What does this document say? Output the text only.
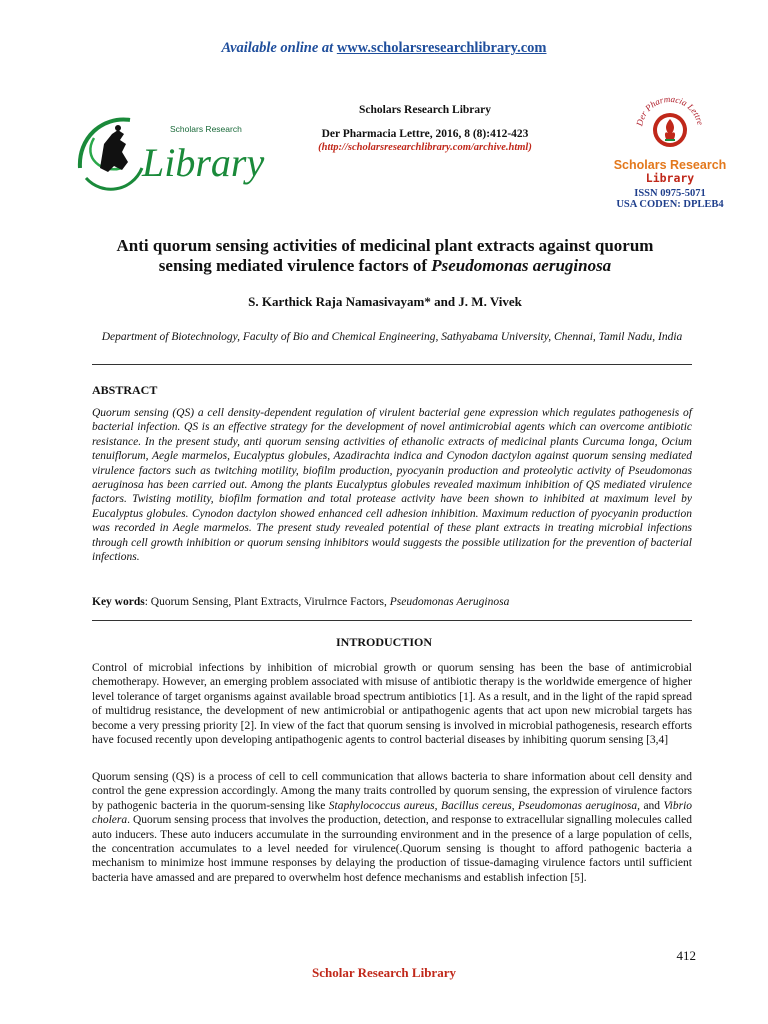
Available online at www.scholarsresearchlibrary.com
Scholars Research
Library
Scholars Research Library
Der Pharmacia Lettre, 2016, 8 (8):412-423
(http://scholarsresearchlibrary.com/archive.html)
Der Pharmacia Lettre
Scholars Research
Library
ISSN 0975-5071
USA CODEN: DPLEB4
Anti quorum sensing activities of medicinal plant extracts against quorum
sensing mediated virulence factors of Pseudomonas aeruginosa
S. Karthick Raja Namasivayam* and J. M. Vivek
Department of Biotechnology, Faculty of Bio and Chemical Engineering, Sathyabama University, Chennai, Tamil Nadu, India
ABSTRACT
Quorum sensing (QS) a cell density-dependent regulation of virulent bacterial gene expression which regulates pathogenesis of bacterial infection. QS is an effective strategy for the development of novel antimicrobial agents which can overcome antibiotic resistance. In the present study, anti quorum sensing activities of ethanolic extracts of medicinal plants Curcuma longa, Ocium tenuiflorum, Aegle marmelos, Eucalyptus globules, Azadirachta indica and Cynodon dactylon against quorum sensing mediated virulence factors such as twitching motility, biofilm production, pyocyanin production and proteolytic activity of Pseudomonas aeruginosa has been carried out. Among the plants Eucalyptus globules revealed maximum inhibition of QS mediated virulence factors. Twisting motility, biofilm formation and total protease activity have been shown to inhibited at maximum level by Eucalyptus globules. Cynodon dactylon showed enhanced cell adhesion inhibition. Maximum reduction of pyocyanin production was recorded in Aegle marmelos. The present study revealed potential of these plant extracts in treating microbial infections through cell growth inhibition or quorum sensing inhibitors would suggests the possible utilization for the prevention of bacterial infections.
Key words: Quorum Sensing, Plant Extracts, Virulrnce Factors, Pseudomonas Aeruginosa
INTRODUCTION
Control of microbial infections by inhibition of microbial growth or quorum sensing has been the base of antimicrobial chemotherapy. However, an emerging problem associated with misuse of antibiotic therapy is the worldwide emergence of higher level tolerance of target organisms against available broad spectrum antibiotics [1]. As a result, and in the light of the rapid spread of multidrug resistance, the development of new antimicrobial or antipathogenic agents that act upon new microbial targets has become a very pressing priority [2]. In view of the fact that quorum sensing is involved in microbial pathogenesis, research efforts have focused recently upon developing antipathogenic agents to control bacterial diseases by inhibiting quorum sensing [3,4]
Quorum sensing (QS) is a process of cell to cell communication that allows bacteria to share information about cell density and control the gene expression accordingly. Among the many traits controlled by quorum sensing, the expression of virulence factors by pathogenic bacteria in the quorum-sensing like Staphylococcus aureus, Bacillus cereus, Pseudomonas aeruginosa, and Vibrio cholera. Quorum sensing process that involves the production, detection, and response to extracellular signalling molecules called auto inducers. These auto inducers accumulate in the surrounding environment and in the presence of a large population of cells, the concentration accumulates to a level needed for virulence(.Quorum sensing is thought to afford pathogenic bacteria a mechanism to minimize host immune responses by delaying the production of tissue-damaging virulence factors until sufficient bacteria have amassed and are prepared to overwhelm host defence mechanisms and establish infection [5].
412
Scholar Research Library
